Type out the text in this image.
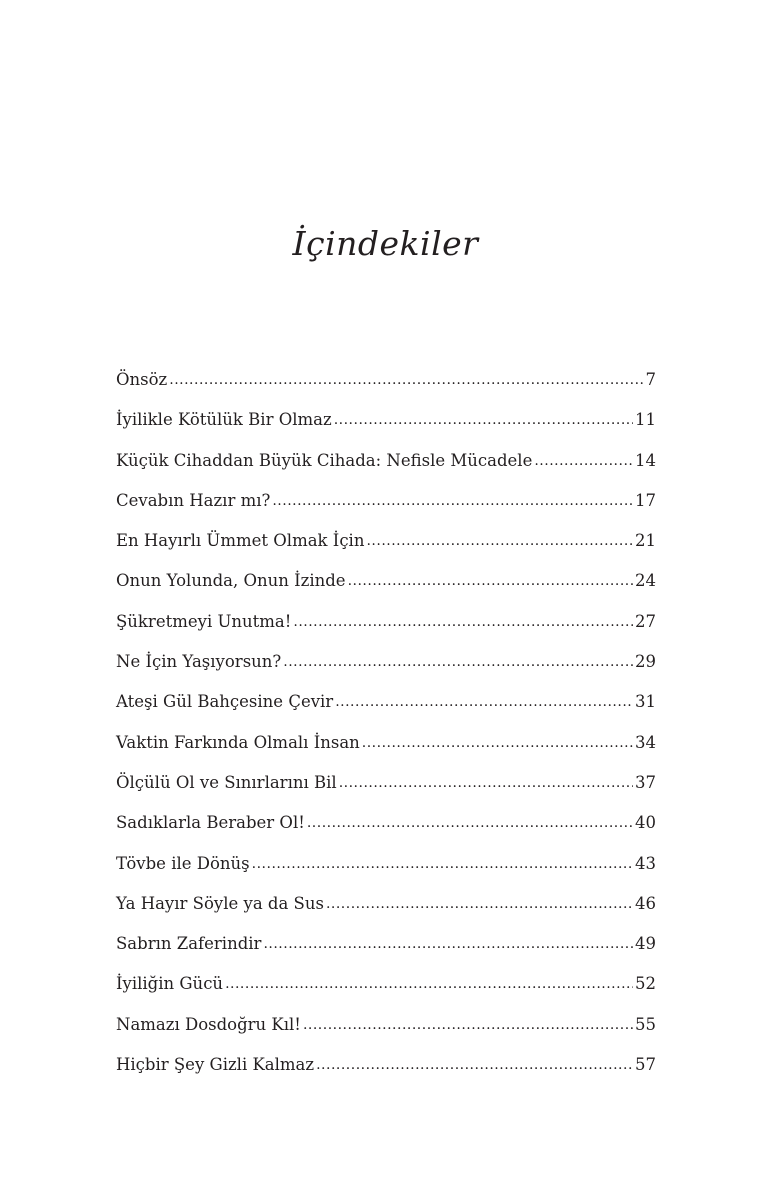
İçindekiler
Önsöz .....	7
İyilikle Kötülük Bir Olmaz .....	11
Küçük Cihaddan Büyük Cihada: Nefisle Mücadele .....	14
Cevabın Hazır mı? .....	17
En Hayırlı Ümmet Olmak İçin .....	21
Onun Yolunda, Onun İzinde .....	24
Şükretmeyi Unutma! .....	27
Ne İçin Yaşıyorsun? .....	29
Ateşi Gül Bahçesine Çevir .....	31
Vaktin Farkında Olmalı İnsan .....	34
Ölçülü Ol ve Sınırlarını Bil .....	37
Sadıklarla Beraber Ol! .....	40
Tövbe ile Dönüş .....	43
Ya Hayır Söyle ya da Sus .....	46
Sabrın Zaferindir .....	49
İyiliğin Gücü .....	52
Namazı Dosdoğru Kıl! .....	55
Hiçbir Şey Gizli Kalmaz .....	57
